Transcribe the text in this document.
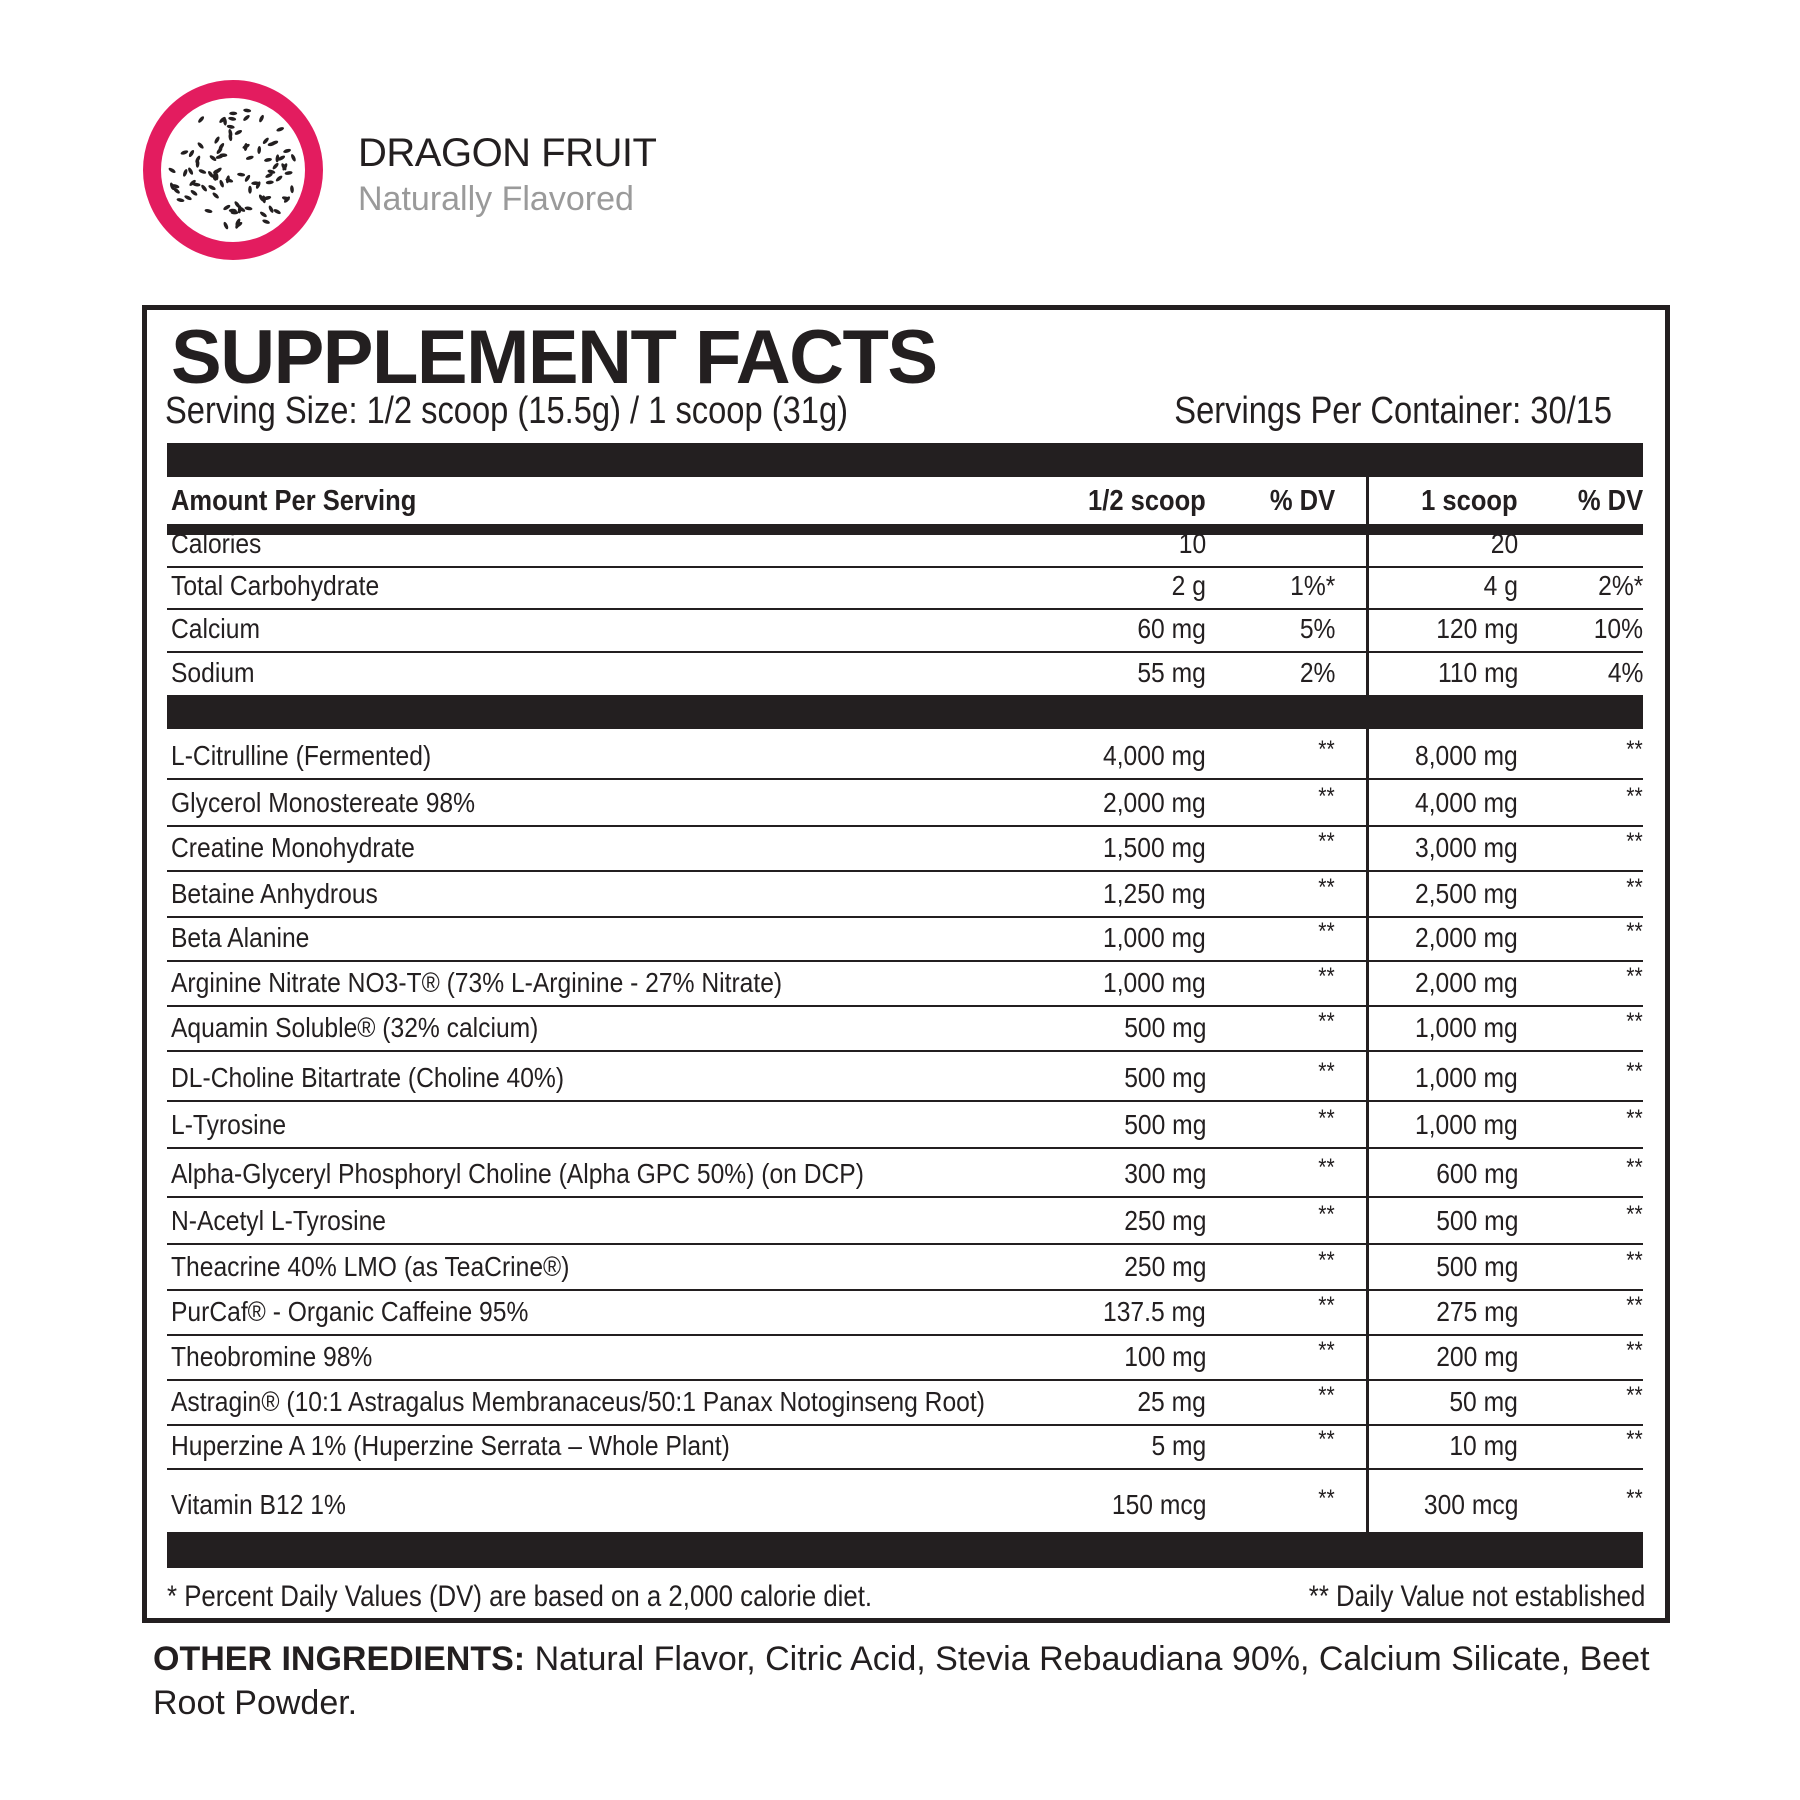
DRAGON FRUIT
Naturally Flavored
SUPPLEMENT FACTS
Serving Size: 1/2 scoop (15.5g) / 1 scoop (31g)	Servings Per Container: 30/15
Amount Per Serving	1/2 scoop % DV	1 scoop % DV
Calories	10	20
Total Carbohydrate	2 g	1%*	4 g	2%*
Calcium	60 mg	5%	120 mg	10%
Sodium	55 mg	2%	110 mg	4%
L-Citrulline (Fermented)	4,000 mg	**	8,000 mg	**
Glycerol Monostereate 98%	2,000 mg	**	4,000 mg	**
Creatine Monohydrate	1,500 mg	**	3,000 mg	**
Betaine Anhydrous	1,250 mg	**	2,500 mg	**
Beta Alanine	1,000 mg	**	2,000 mg	**
Arginine Nitrate NO3-T® (73% L-Arginine - 27% Nitrate)	1,000 mg	**	2,000 mg	**
Aquamin Soluble® (32% calcium)	500 mg	**	1,000 mg	**
DL-Choline Bitartrate (Choline 40%)	500 mg	**	1,000 mg	**
L-Tyrosine	500 mg	**	1,000 mg	**
Alpha-Glyceryl Phosphoryl Choline (Alpha GPC 50%) (on DCP)	300 mg	**	600 mg	**
N-Acetyl L-Tyrosine	250 mg	**	500 mg	**
Theacrine 40% LMO (as TeaCrine®)	250 mg	**	500 mg	**
PurCaf® - Organic Caffeine 95%	137.5 mg	**	275 mg	**
Theobromine 98%	100 mg	**	200 mg	**
Astragin® (10:1 Astragalus Membranaceus/50:1 Panax Notoginseng Root)	25 mg	**	50 mg	**
Huperzine A 1% (Huperzine Serrata – Whole Plant)	5 mg	**	10 mg	**
Vitamin B12 1%	150 mcg	**	300 mcg	**
* Percent Daily Values (DV) are based on a 2,000 calorie diet.	** Daily Value not established
OTHER INGREDIENTS: Natural Flavor, Citric Acid, Stevia Rebaudiana 90%, Calcium Silicate, Beet Root Powder.
